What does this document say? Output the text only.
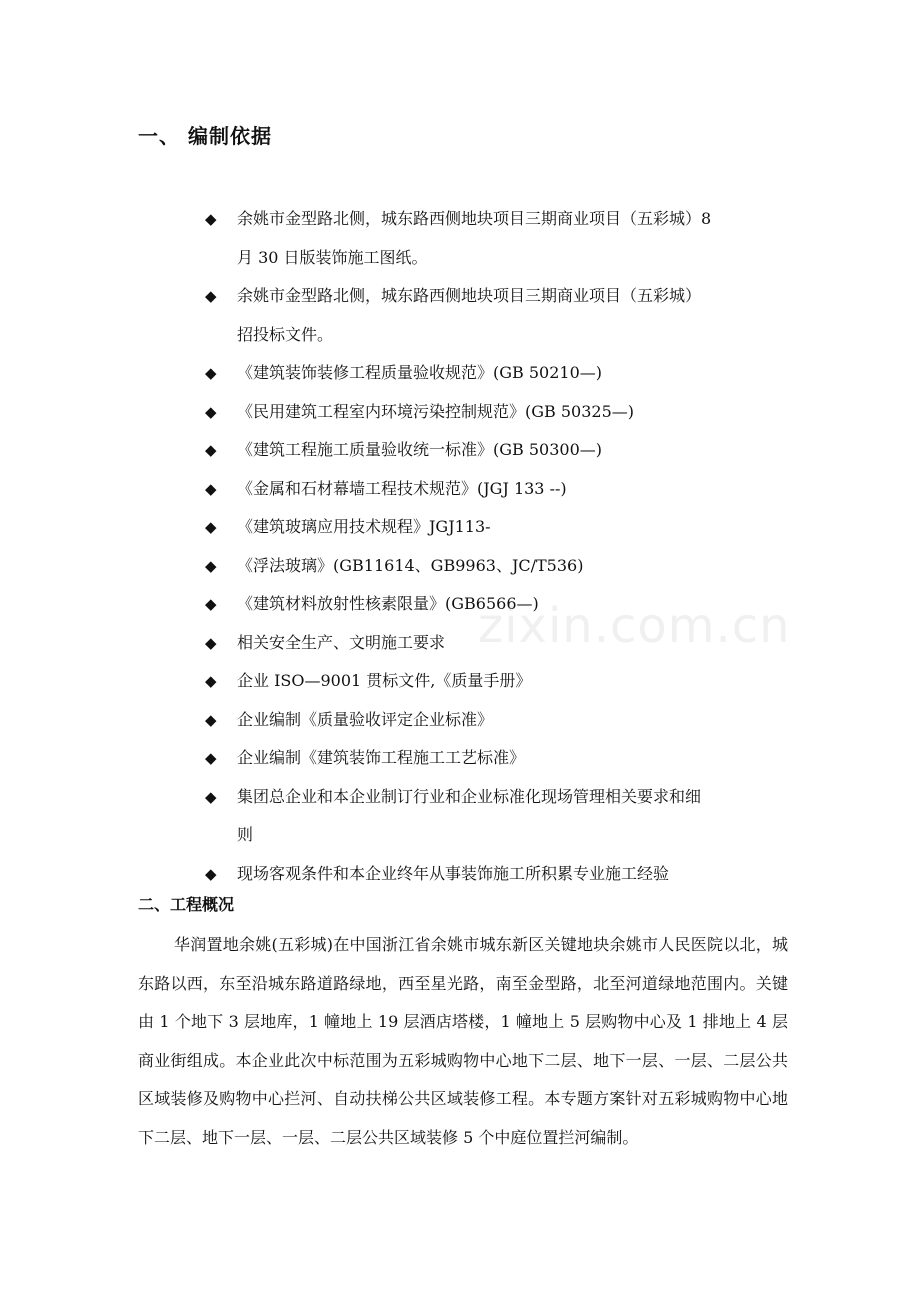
一、 编制依据
◆ 余姚市金型路北侧，城东路西侧地块项目三期商业项目（五彩城）8
月 30 日版装饰施工图纸。
◆ 余姚市金型路北侧，城东路西侧地块项目三期商业项目（五彩城）
招投标文件。
◆ 《建筑装饰装修工程质量验收规范》(GB 50210—)
◆ 《民用建筑工程室内环境污染控制规范》(GB 50325—)
◆ 《建筑工程施工质量验收统一标准》(GB 50300—)
◆ 《金属和石材幕墙工程技术规范》(JGJ 133 --)
◆ 《建筑玻璃应用技术规程》JGJ113-
◆ 《浮法玻璃》(GB11614、GB9963、JC/T536)
◆ 《建筑材料放射性核素限量》(GB6566—)
◆ 相关安全生产、文明施工要求
◆ 企业 ISO—9001 贯标文件,《质量手册》
◆ 企业编制《质量验收评定企业标准》
◆ 企业编制《建筑装饰工程施工工艺标准》
◆ 集团总企业和本企业制订行业和企业标准化现场管理相关要求和细
则
◆ 现场客观条件和本企业终年从事装饰施工所积累专业施工经验
二、工程概况

华润置地余姚(五彩城)在中国浙江省余姚市城东新区关键地块余姚市人民医院以北，城东路以西，东至沿城东路道路绿地，西至星光路，南至金型路，北至河道绿地范围内。关键由 1 个地下 3 层地库，1 幢地上 19 层酒店塔楼，1 幢地上 5 层购物中心及 1 排地上 4 层商业街组成。本企业此次中标范围为五彩城购物中心地下二层、地下一层、一层、二层公共区域装修及购物中心拦河、自动扶梯公共区域装修工程。本专题方案针对五彩城购物中心地下二层、地下一层、一层、二层公共区域装修 5 个中庭位置拦河编制。

zixin.com.cn
